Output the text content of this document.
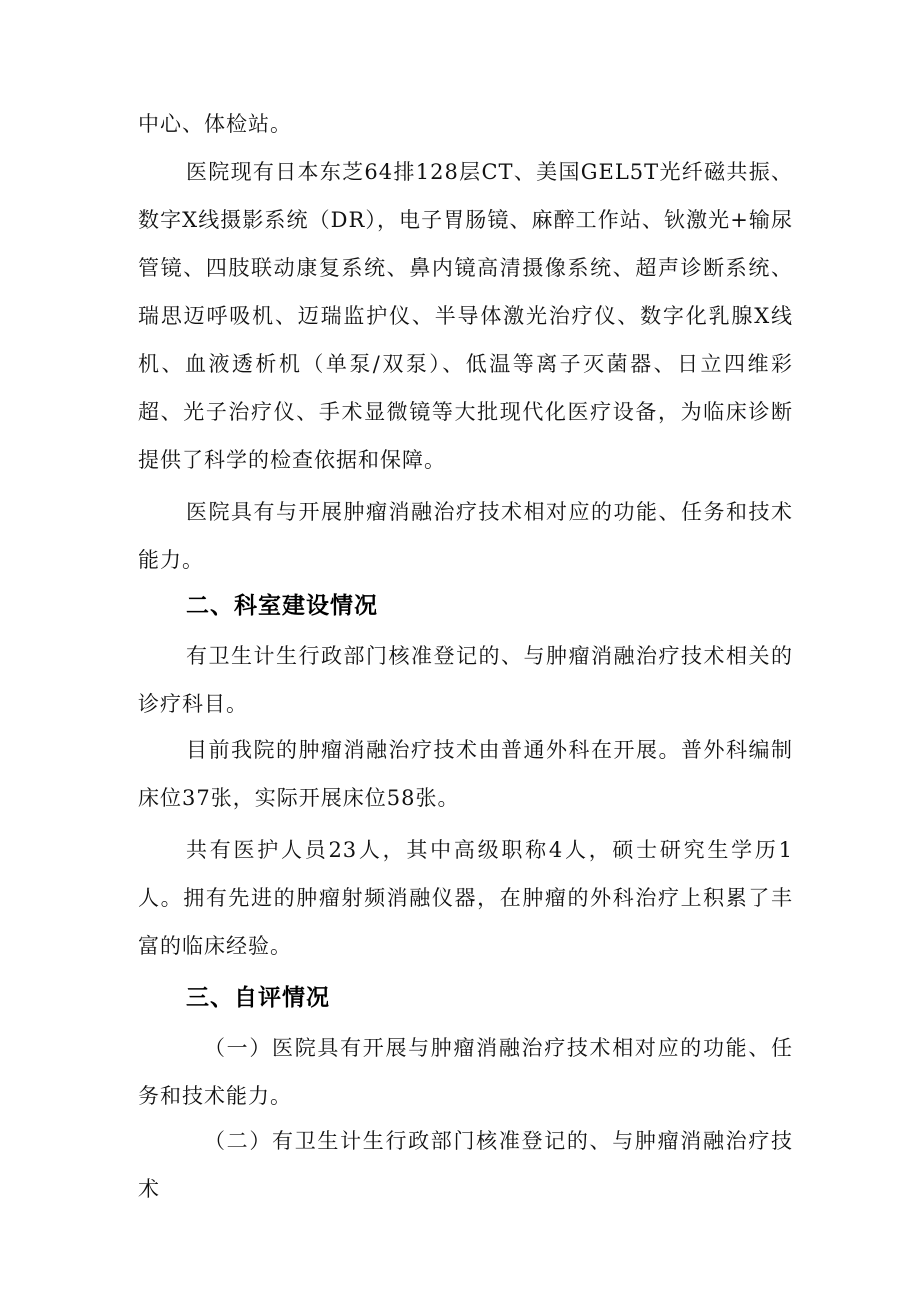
中心、体检站。

医院现有日本东芝64排128层CT、美国GEL5T光纤磁共振、数字X线摄影系统（DR），电子胃肠镜、麻醉工作站、钬激光+输尿管镜、四肢联动康复系统、鼻内镜高清摄像系统、超声诊断系统、瑞思迈呼吸机、迈瑞监护仪、半导体激光治疗仪、数字化乳腺X线机、血液透析机（单泵/双泵）、低温等离子灭菌器、日立四维彩超、光子治疗仪、手术显微镜等大批现代化医疗设备，为临床诊断提供了科学的检查依据和保障。

医院具有与开展肿瘤消融治疗技术相对应的功能、任务和技术能力。

二、科室建设情况

有卫生计生行政部门核准登记的、与肿瘤消融治疗技术相关的诊疗科目。

目前我院的肿瘤消融治疗技术由普通外科在开展。普外科编制床位37张，实际开展床位58张。

共有医护人员23人，其中高级职称4人，硕士研究生学历1人。拥有先进的肿瘤射频消融仪器，在肿瘤的外科治疗上积累了丰富的临床经验。

三、自评情况

（一）医院具有开展与肿瘤消融治疗技术相对应的功能、任务和技术能力。

（二）有卫生计生行政部门核准登记的、与肿瘤消融治疗技术
